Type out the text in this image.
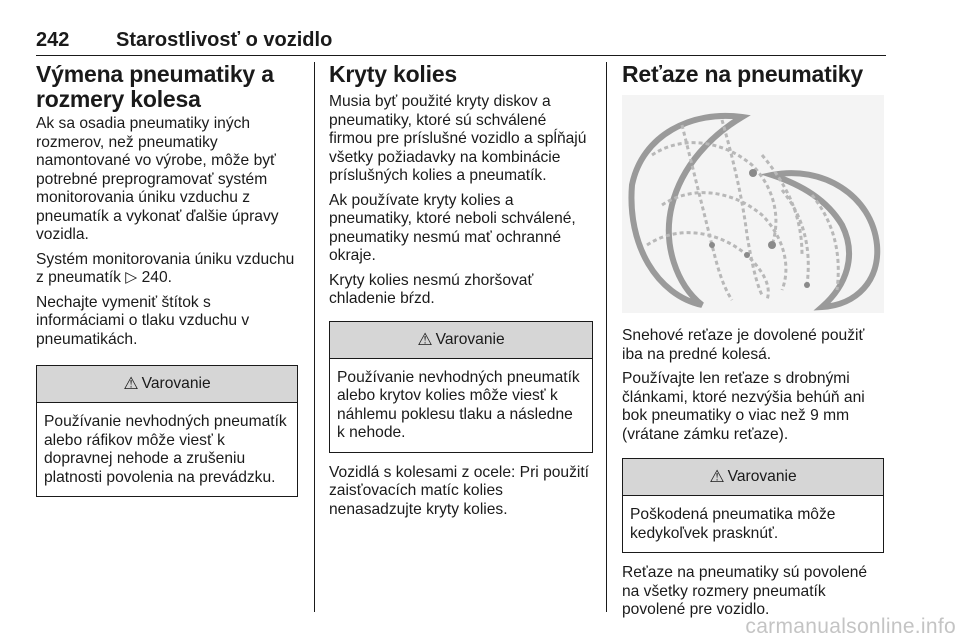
242 Starostlivosť o vozidlo
Výmena pneumatiky a rozmery kolesa

Ak sa osadia pneumatiky iných rozmerov, než pneumatiky namontované vo výrobe, môže byť potrebné preprogramovať systém monitorovania úniku vzduchu z pneumatík a vykonať ďalšie úpravy vozidla.

Systém monitorovania úniku vzduchu z pneumatík ▷ 240.

Nechajte vymeniť štítok s informáciami o tlaku vzduchu v pneumatikách.

⚠ Varovanie
Používanie nevhodných pneumatík alebo ráfikov môže viesť k dopravnej nehode a zrušeniu platnosti povolenia na prevádzku.
Kryty kolies

Musia byť použité kryty diskov a pneumatiky, ktoré sú schválené firmou pre príslušné vozidlo a spĺňajú všetky požiadavky na kombinácie príslušných kolies a pneumatík.

Ak používate kryty kolies a pneumatiky, ktoré neboli schválené, pneumatiky nesmú mať ochranné okraje.

Kryty kolies nesmú zhoršovať chladenie bŕzd.

⚠ Varovanie
Používanie nevhodných pneumatík alebo krytov kolies môže viesť k náhlemu poklesu tlaku a následne k nehode.

Vozidlá s kolesami z ocele: Pri použití zaisťovacích matíc kolies nenasadzujte kryty kolies.

Reťaze na pneumatiky

Snehové reťaze je dovolené použiť iba na predné kolesá.

Používajte len reťaze s drobnými článkami, ktoré nezvýšia behúň ani bok pneumatiky o viac než 9 mm (vrátane zámku reťaze).

⚠ Varovanie
Poškodená pneumatika môže kedykoľvek prasknúť.

Reťaze na pneumatiky sú povolené na všetky rozmery pneumatík povolené pre vozidlo.

carmanualsonline.info
